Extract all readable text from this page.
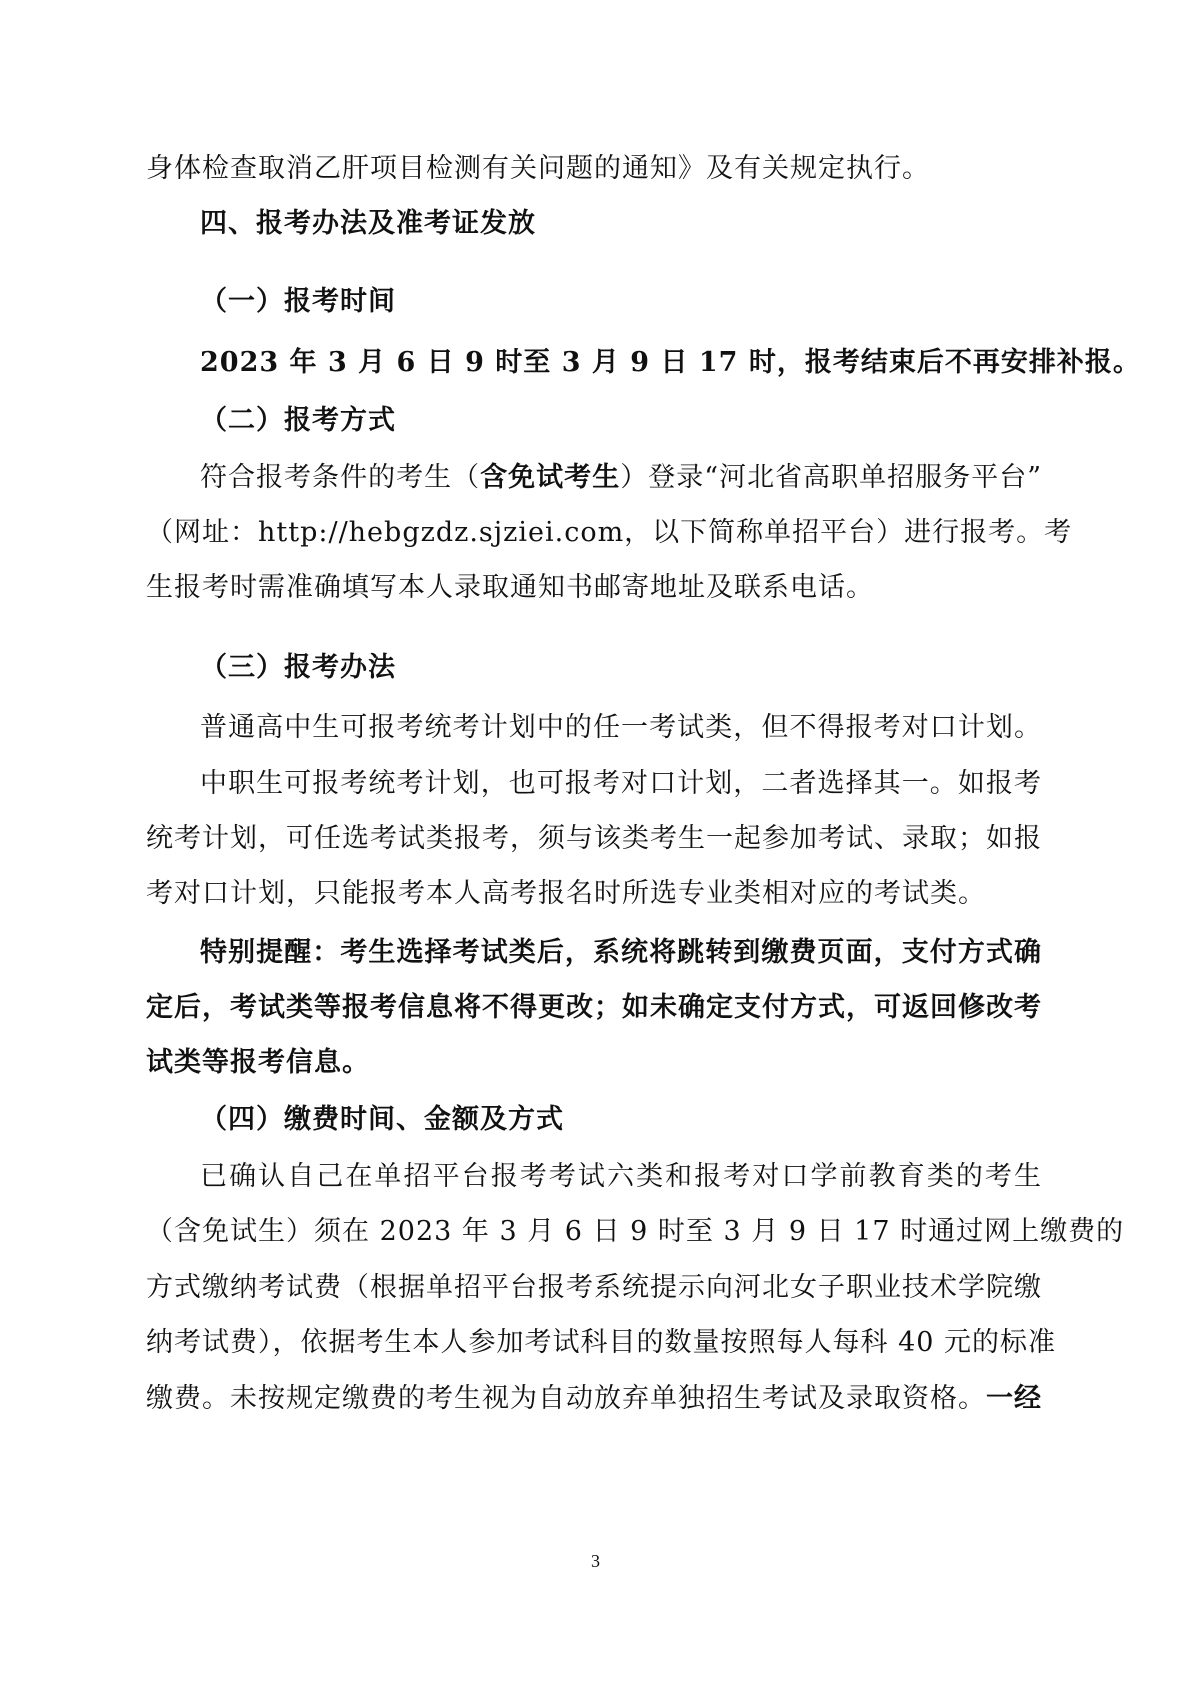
身体检查取消乙肝项目检测有关问题的通知》及有关规定执行。
四、报考办法及准考证发放
（一）报考时间
2023 年 3 月 6 日 9 时至 3 月 9 日 17 时，报考结束后不再安排补报。
（二）报考方式
符合报考条件的考生（含免试考生）登录“河北省高职单招服务平台”
（网址：http://hebgzdz.sjziei.com，以下简称单招平台）进行报考。考
生报考时需准确填写本人录取通知书邮寄地址及联系电话。
（三）报考办法
普通高中生可报考统考计划中的任一考试类，但不得报考对口计划。
中职生可报考统考计划，也可报考对口计划，二者选择其一。如报考
统考计划，可任选考试类报考，须与该类考生一起参加考试、录取；如报
考对口计划，只能报考本人高考报名时所选专业类相对应的考试类。
特别提醒：考生选择考试类后，系统将跳转到缴费页面，支付方式确
定后，考试类等报考信息将不得更改；如未确定支付方式，可返回修改考
试类等报考信息。
（四）缴费时间、金额及方式
已确认自己在单招平台报考考试六类和报考对口学前教育类的考生
（含免试生）须在 2023 年 3 月 6 日 9 时至 3 月 9 日 17 时通过网上缴费的
方式缴纳考试费（根据单招平台报考系统提示向河北女子职业技术学院缴
纳考试费），依据考生本人参加考试科目的数量按照每人每科 40 元的标准
缴费。未按规定缴费的考生视为自动放弃单独招生考试及录取资格。一经
3
